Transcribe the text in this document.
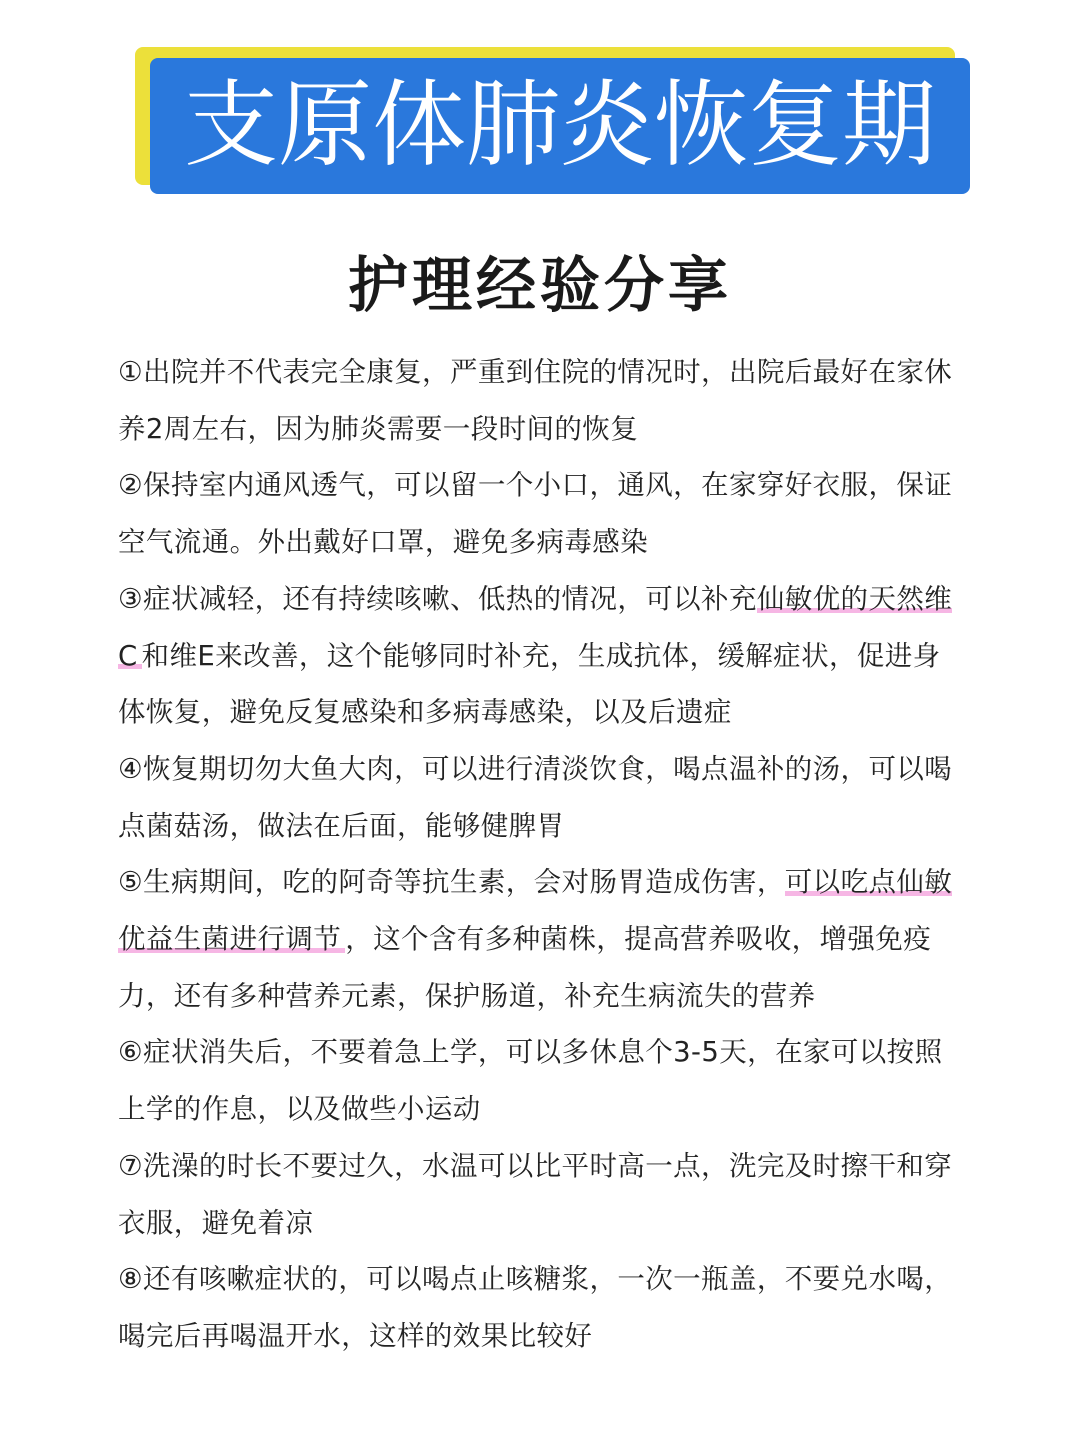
支原体肺炎恢复期
护理经验分享

①出院并不代表完全康复，严重到住院的情况时，出院后最好在家休养2周左右，因为肺炎需要一段时间的恢复

②保持室内通风透气，可以留一个小口，通风，在家穿好衣服，保证空气流通。外出戴好口罩，避免多病毒感染

③症状减轻，还有持续咳嗽、低热的情况，可以补充仙敏优的天然维C 和维E来改善，这个能够同时补充，生成抗体，缓解症状，促进身体恢复，避免反复感染和多病毒感染，以及后遗症

④恢复期切勿大鱼大肉，可以进行清淡饮食，喝点温补的汤，可以喝点菌菇汤，做法在后面，能够健脾胃

⑤生病期间，吃的阿奇等抗生素，会对肠胃造成伤害，可以吃点仙敏优益生菌进行调节 ，这个含有多种菌株，提高营养吸收，增强免疫力，还有多种营养元素，保护肠道，补充生病流失的营养

⑥症状消失后，不要着急上学，可以多休息个3-5天，在家可以按照上学的作息，以及做些小运动

⑦洗澡的时长不要过久，水温可以比平时高一点，洗完及时擦干和穿衣服，避免着凉

⑧还有咳嗽症状的，可以喝点止咳糖浆，一次一瓶盖，不要兑水喝，喝完后再喝温开水，这样的效果比较好
